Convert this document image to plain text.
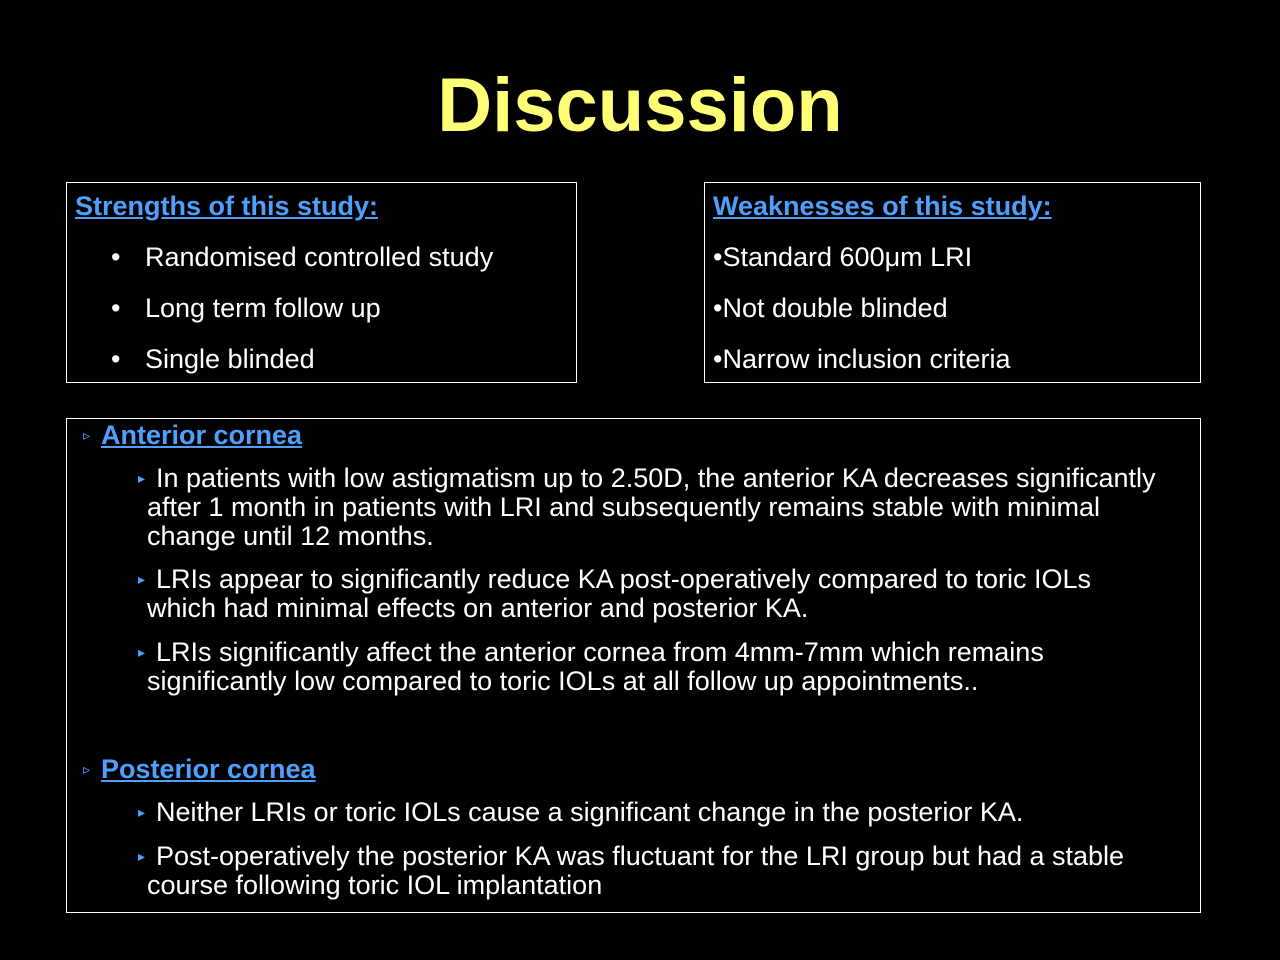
Discussion
Strengths of this study:
• Randomised controlled study
• Long term follow up
• Single blinded
Weaknesses of this study:
•Standard 600μm LRI
•Not double blinded
•Narrow inclusion criteria
▹ Anterior cornea
▸ In patients with low astigmatism up to 2.50D, the anterior KA decreases significantly after 1 month in patients with LRI and subsequently remains stable with minimal change until 12 months.

▸ LRIs appear to significantly reduce KA post-operatively compared to toric IOLs which had minimal effects on anterior and posterior KA.

▸ LRIs significantly affect the anterior cornea from 4mm-7mm which remains significantly low compared to toric IOLs at all follow up appointments..

▹ Posterior cornea
▸ Neither LRIs or toric IOLs cause a significant change in the posterior KA.

▸ Post-operatively the posterior KA was fluctuant for the LRI group but had a stable course following toric IOL implantation
